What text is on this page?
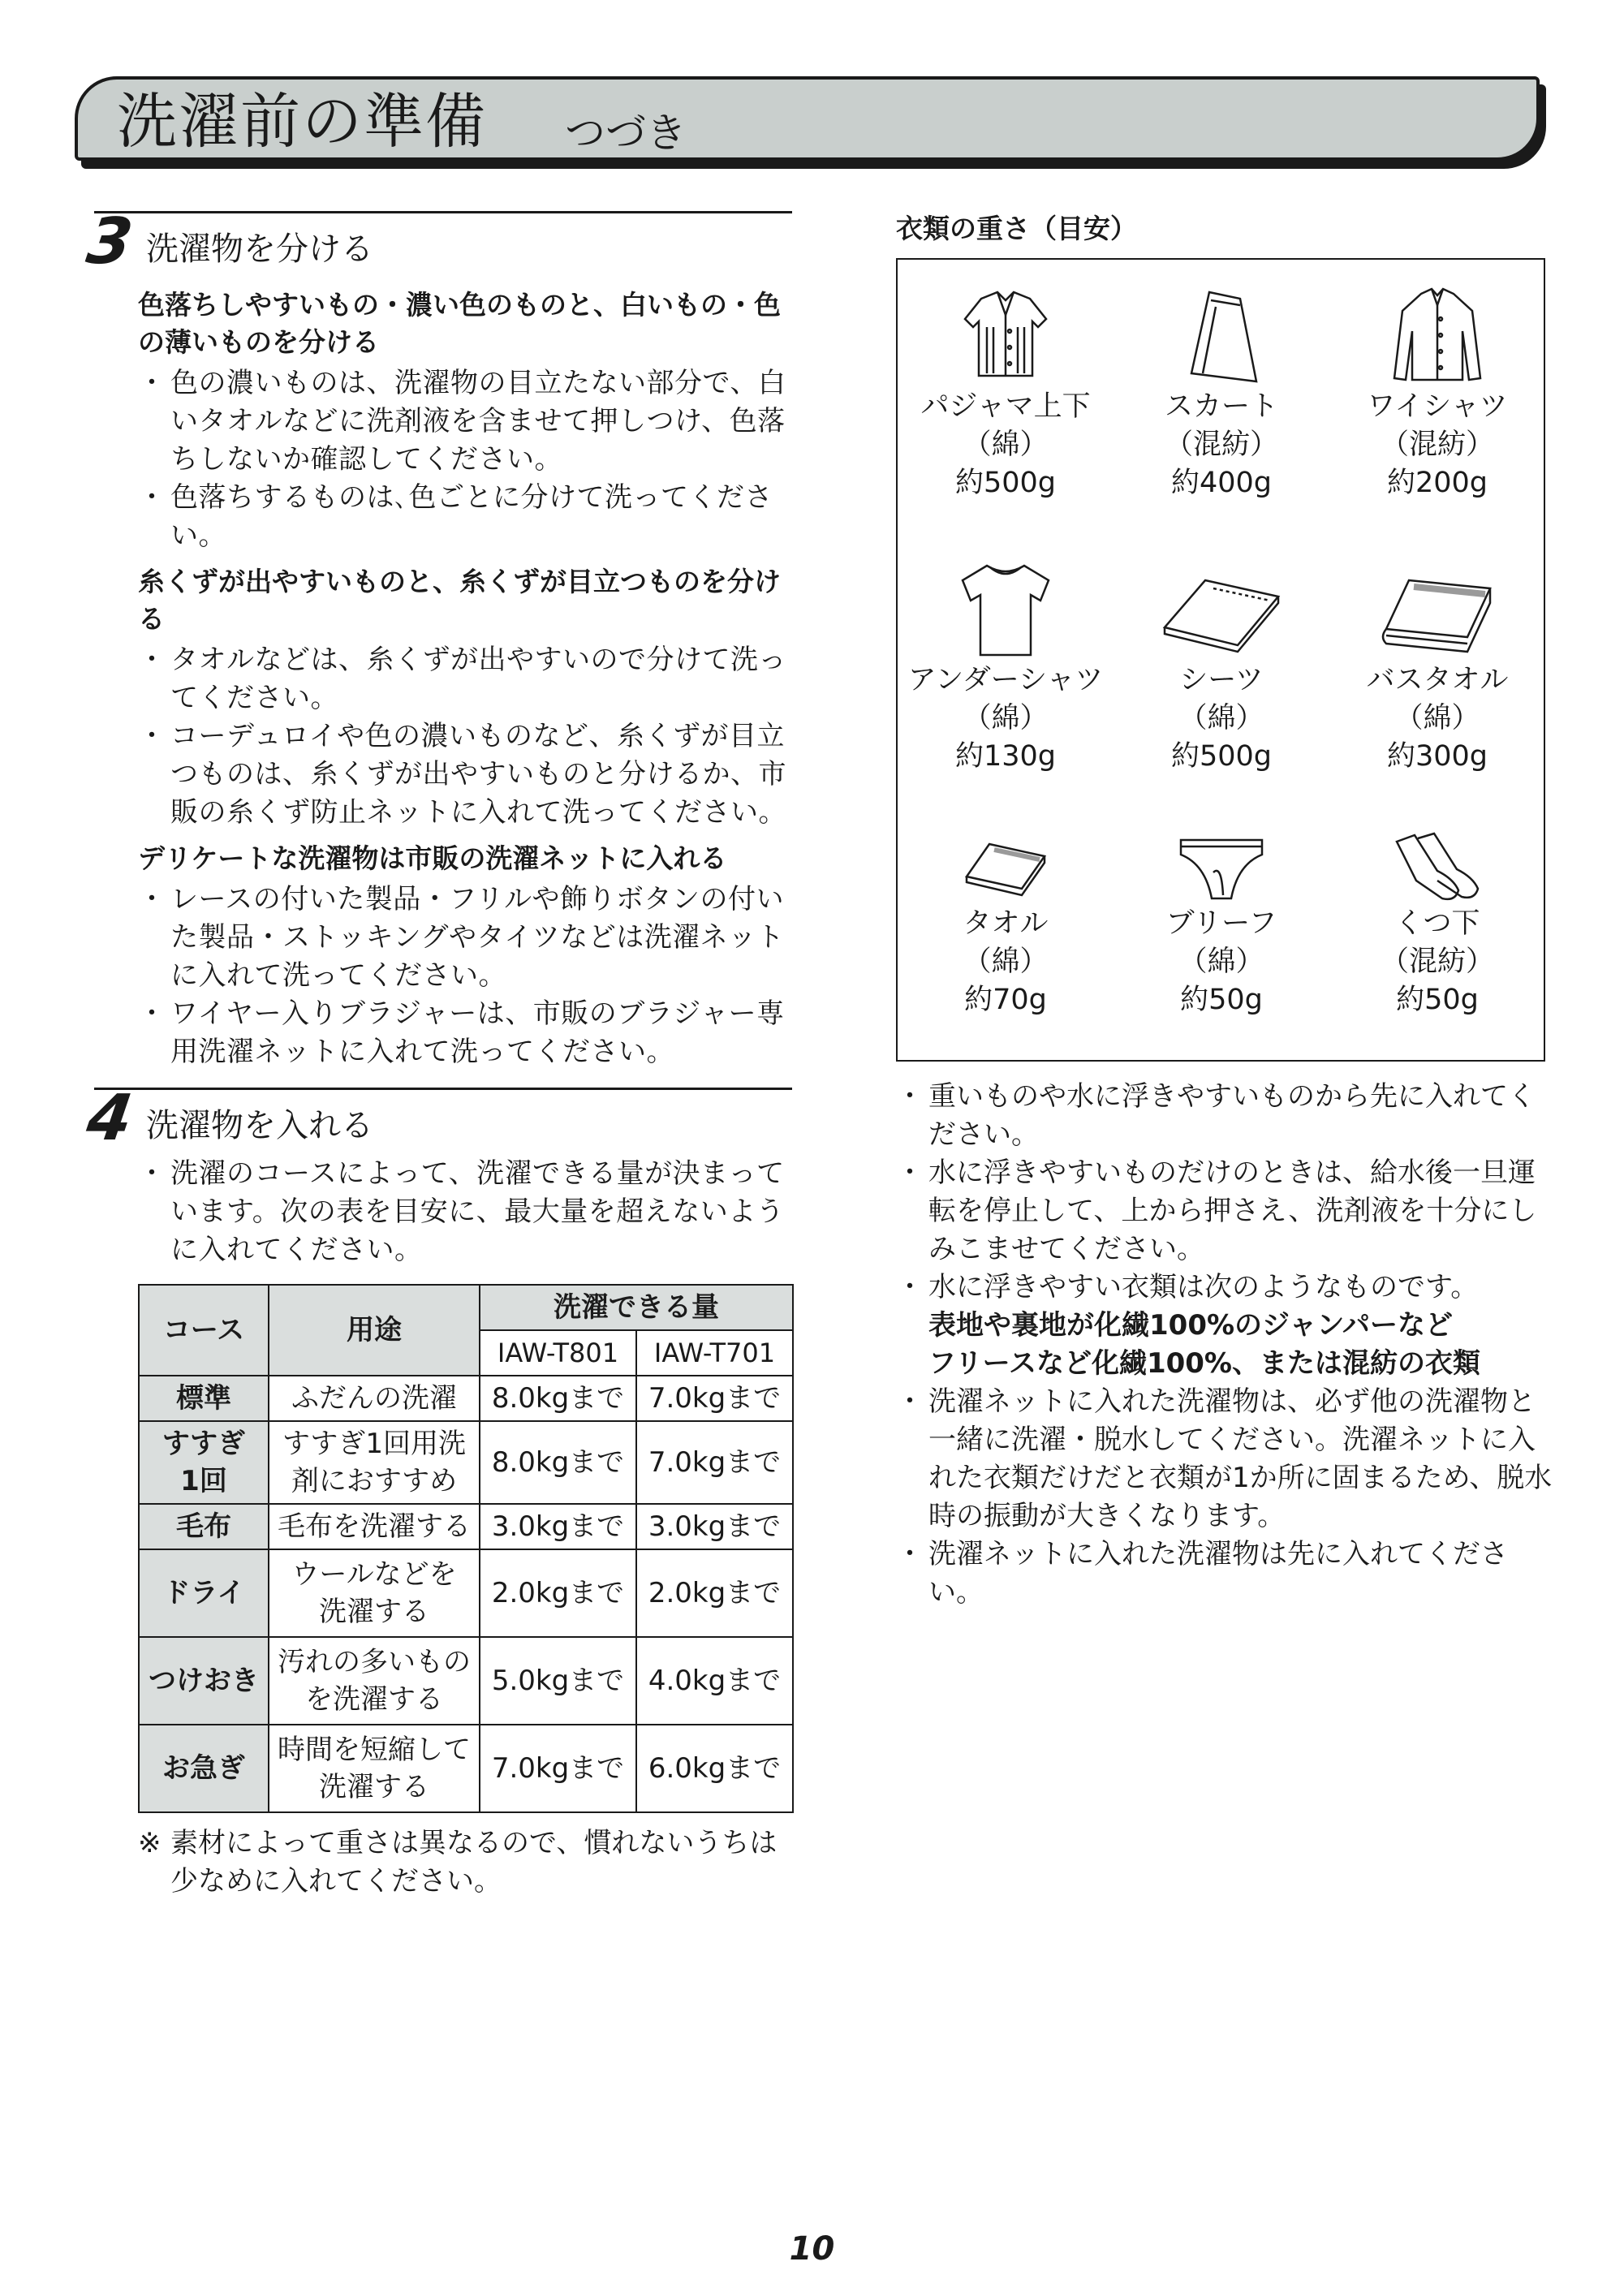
洗濯前の準備 つづき
3 洗濯物を分ける
色落ちしやすいもの・濃い色のものと、白いもの・色の薄いものを分ける
・ 色の濃いものは、洗濯物の目立たない部分で、白いタオルなどに洗剤液を含ませて押しつけ、色落ちしないか確認してください。
・ 色落ちするものは､色ごとに分けて洗ってください。
糸くずが出やすいものと、糸くずが目立つものを分ける
・ タオルなどは、糸くずが出やすいので分けて洗ってください。
・ コーデュロイや色の濃いものなど、糸くずが目立つものは、糸くずが出やすいものと分けるか、市販の糸くず防止ネットに入れて洗ってください。
デリケートな洗濯物は市販の洗濯ネットに入れる
・ レースの付いた製品・フリルや飾りボタンの付いた製品・ストッキングやタイツなどは洗濯ネットに入れて洗ってください。
・ ワイヤー入りブラジャーは、市販のブラジャー専用洗濯ネットに入れて洗ってください。
4 洗濯物を入れる
・ 洗濯のコースによって、洗濯できる量が決まっています。次の表を目安に、最大量を超えないように入れてください。
コース	用途	洗濯できる量	
		IAW-T801	IAW-T701
標準	ふだんの洗濯	8.0kgまで	7.0kgまで
すすぎ1回	すすぎ1回用洗剤におすすめ	8.0kgまで	7.0kgまで
毛布	毛布を洗濯する	3.0kgまで	3.0kgまで
ドライ	ウールなどを洗濯する	2.0kgまで	2.0kgまで
つけおき	汚れの多いものを洗濯する	5.0kgまで	4.0kgまで
お急ぎ	時間を短縮して洗濯する	7.0kgまで	6.0kgまで
※ 素材によって重さは異なるので、慣れないうちは少なめに入れてください。
衣類の重さ（目安）
パジャマ上下
（綿）
約500g
スカート
（混紡）
約400g
ワイシャツ
（混紡）
約200g
アンダーシャツ
（綿）
約130g
シーツ
（綿）
約500g
バスタオル
（綿）
約300g
タオル
（綿）
約70g
ブリーフ
（綿）
約50g
くつ下
（混紡）
約50g
・ 重いものや水に浮きやすいものから先に入れてください。
・ 水に浮きやすいものだけのときは、給水後一旦運転を停止して、上から押さえ、洗剤液を十分にしみこませてください。
・ 水に浮きやすい衣類は次のようなものです。
表地や裏地が化繊100%のジャンパーなど
フリースなど化繊100%、または混紡の衣類
・ 洗濯ネットに入れた洗濯物は、必ず他の洗濯物と一緒に洗濯・脱水してください。洗濯ネットに入れた衣類だけだと衣類が1か所に固まるため、脱水時の振動が大きくなります。
・ 洗濯ネットに入れた洗濯物は先に入れてください。
10
